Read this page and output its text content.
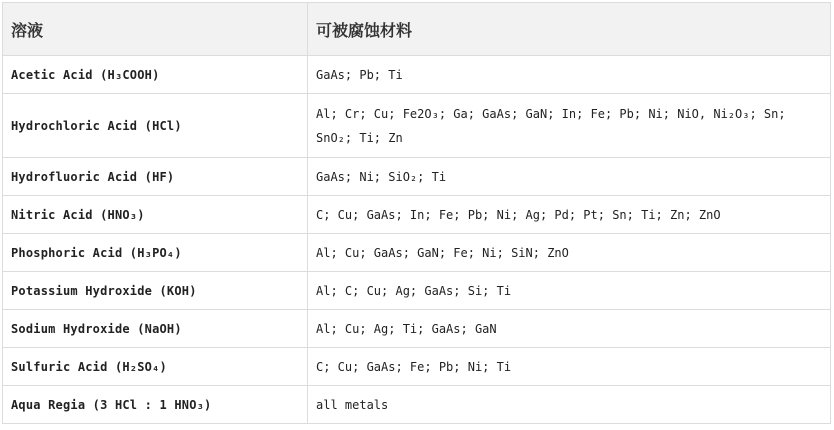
溶液	可被腐蚀材料
Acetic Acid (H₃COOH)	GaAs; Pb; Ti
Hydrochloric Acid (HCl)	Al; Cr; Cu; Fe2O₃; Ga; GaAs; GaN; In; Fe; Pb; Ni; NiO, Ni₂O₃; Sn; SnO₂; Ti; Zn
Hydrofluoric Acid (HF)	GaAs; Ni; SiO₂; Ti
Nitric Acid (HNO₃)	C; Cu; GaAs; In; Fe; Pb; Ni; Ag; Pd; Pt; Sn; Ti; Zn; ZnO
Phosphoric Acid (H₃PO₄)	Al; Cu; GaAs; GaN; Fe; Ni; SiN; ZnO
Potassium Hydroxide (KOH)	Al; C; Cu; Ag; GaAs; Si; Ti
Sodium Hydroxide (NaOH)	Al; Cu; Ag; Ti; GaAs; GaN
Sulfuric Acid (H₂SO₄)	C; Cu; GaAs; Fe; Pb; Ni; Ti
Aqua Regia (3 HCl : 1 HNO₃)	all metals
